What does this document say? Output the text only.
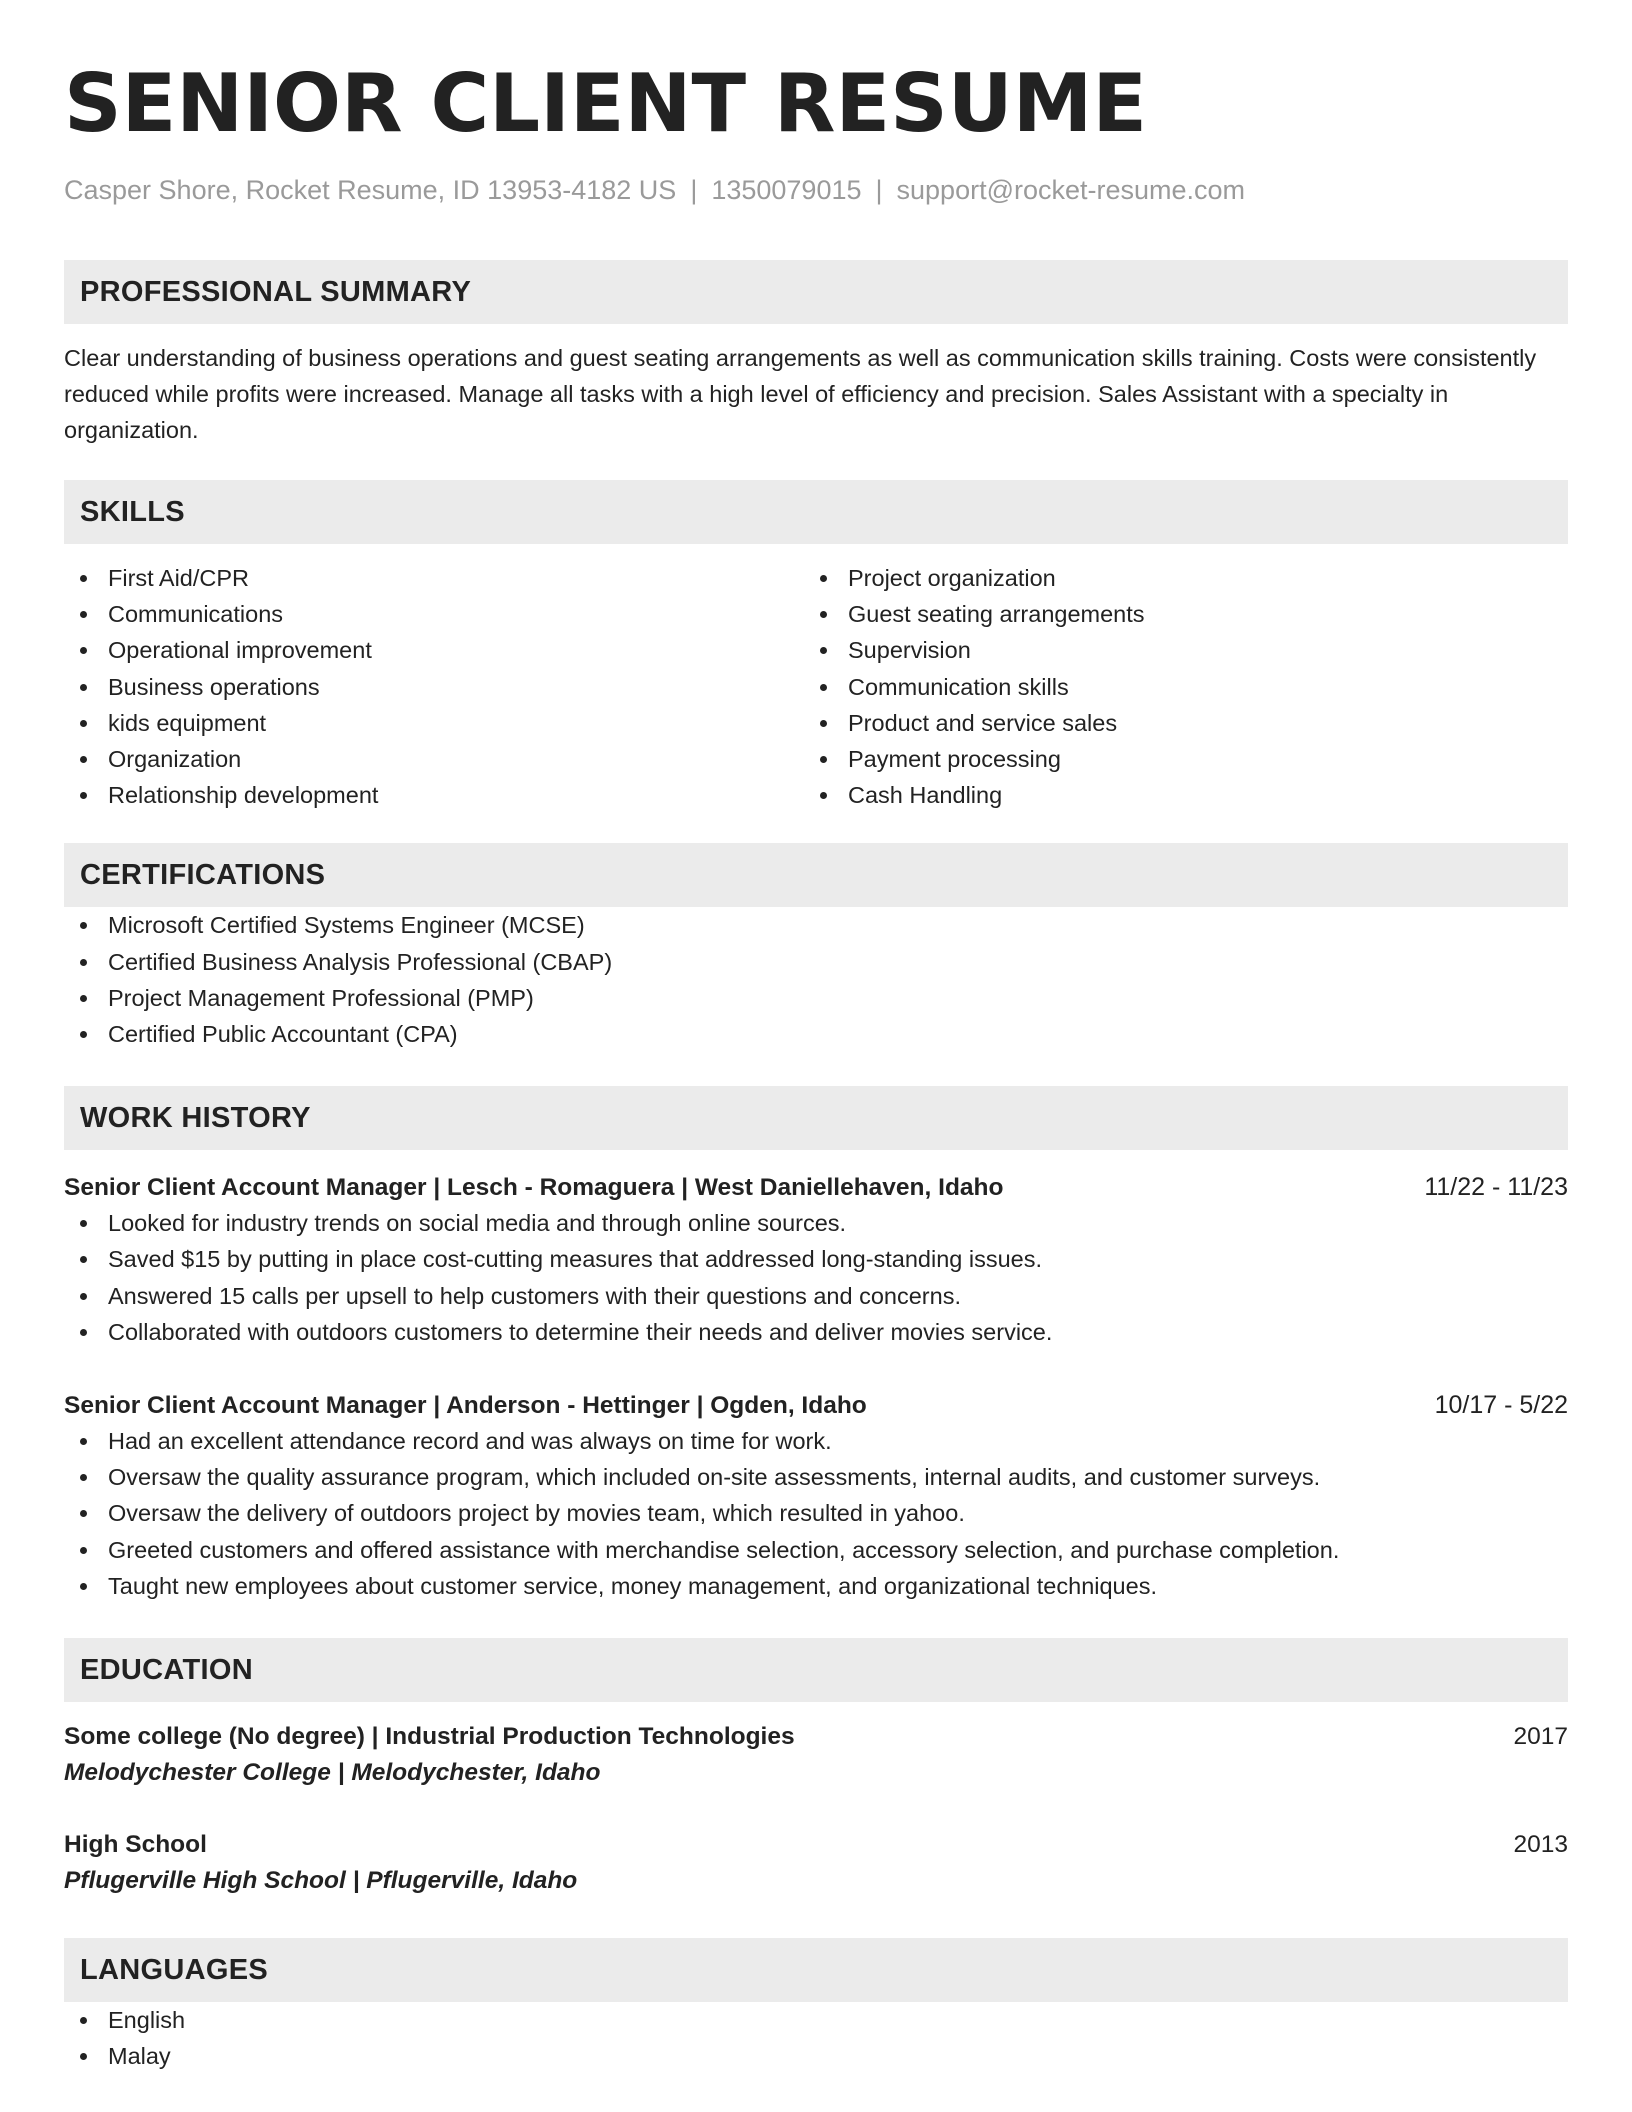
SENIOR CLIENT RESUME
Casper Shore, Rocket Resume, ID 13953-4182 US | 1350079015 | support@rocket-resume.com
PROFESSIONAL SUMMARY
Clear understanding of business operations and guest seating arrangements as well as communication skills training. Costs were consistently reduced while profits were increased. Manage all tasks with a high level of efficiency and precision. Sales Assistant with a specialty in organization.
SKILLS
First Aid/CPR
Communications
Operational improvement
Business operations
kids equipment
Organization
Relationship development
Project organization
Guest seating arrangements
Supervision
Communication skills
Product and service sales
Payment processing
Cash Handling
CERTIFICATIONS
Microsoft Certified Systems Engineer (MCSE)
Certified Business Analysis Professional (CBAP)
Project Management Professional (PMP)
Certified Public Accountant (CPA)
WORK HISTORY
Senior Client Account Manager | Lesch - Romaguera | West Daniellehaven, Idaho	11/22 - 11/23
Looked for industry trends on social media and through online sources.
Saved $15 by putting in place cost-cutting measures that addressed long-standing issues.
Answered 15 calls per upsell to help customers with their questions and concerns.
Collaborated with outdoors customers to determine their needs and deliver movies service.
Senior Client Account Manager | Anderson - Hettinger | Ogden, Idaho	10/17 - 5/22
Had an excellent attendance record and was always on time for work.
Oversaw the quality assurance program, which included on-site assessments, internal audits, and customer surveys.
Oversaw the delivery of outdoors project by movies team, which resulted in yahoo.
Greeted customers and offered assistance with merchandise selection, accessory selection, and purchase completion.
Taught new employees about customer service, money management, and organizational techniques.
EDUCATION
Some college (No degree) | Industrial Production Technologies	2017
Melodychester College | Melodychester, Idaho
High School	2013
Pflugerville High School | Pflugerville, Idaho
LANGUAGES
English
Malay
